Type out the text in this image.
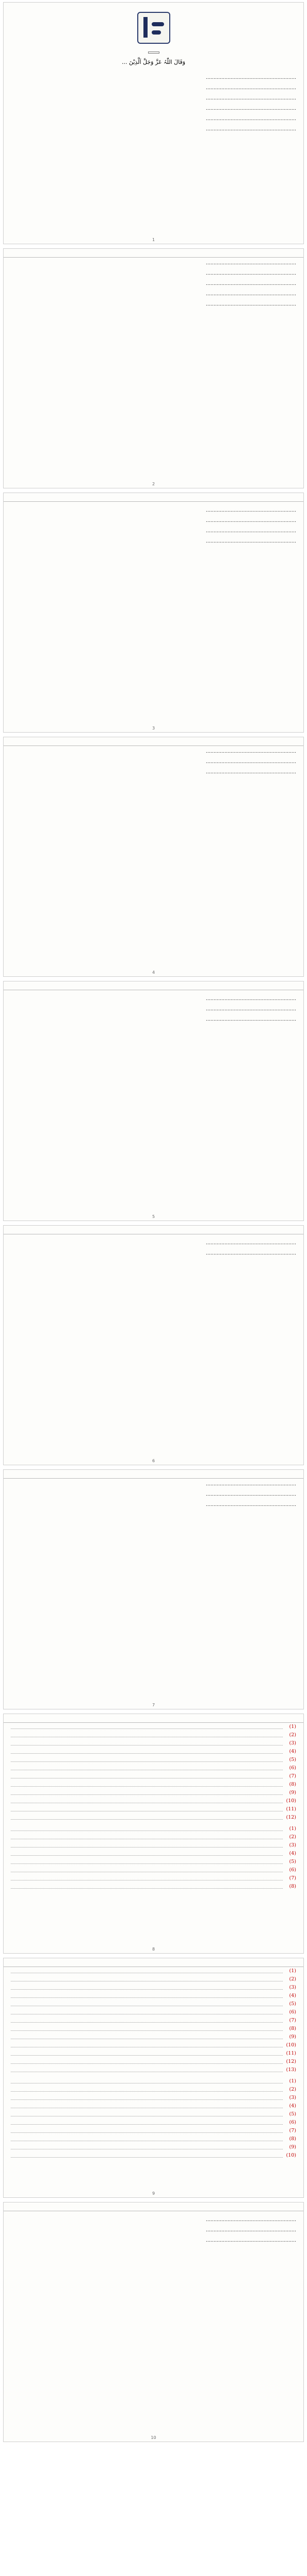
وَقَالَ اللّٰہُ عَزَّ وَجَلَّ اَلَّذِیْنَ ...

..........................................................

..........................................................

..........................................................

..........................................................

..........................................................

..........................................................

1

..........................................................

..........................................................

..........................................................

..........................................................

..........................................................

2

..........................................................

..........................................................

..........................................................

..........................................................

3

..........................................................

..........................................................

..........................................................

4

..........................................................

..........................................................

..........................................................

5

..........................................................

..........................................................

6

..........................................................

..........................................................

..........................................................

7
(1)
(2)
(3)
(4)
(5)
(6)
(7)
(8)
(9)
(10)
(11)
(12)
(1)
(2)
(3)
(4)
(5)
(6)
(7)
(8)
8
(1)
(2)
(3)
(4)
(5)
(6)
(7)
(8)
(9)
(10)
(11)
(12)
(13)
(1)
(2)
(3)
(4)
(5)
(6)
(7)
(8)
(9)
(10)
9

..........................................................

..........................................................

..........................................................

10
